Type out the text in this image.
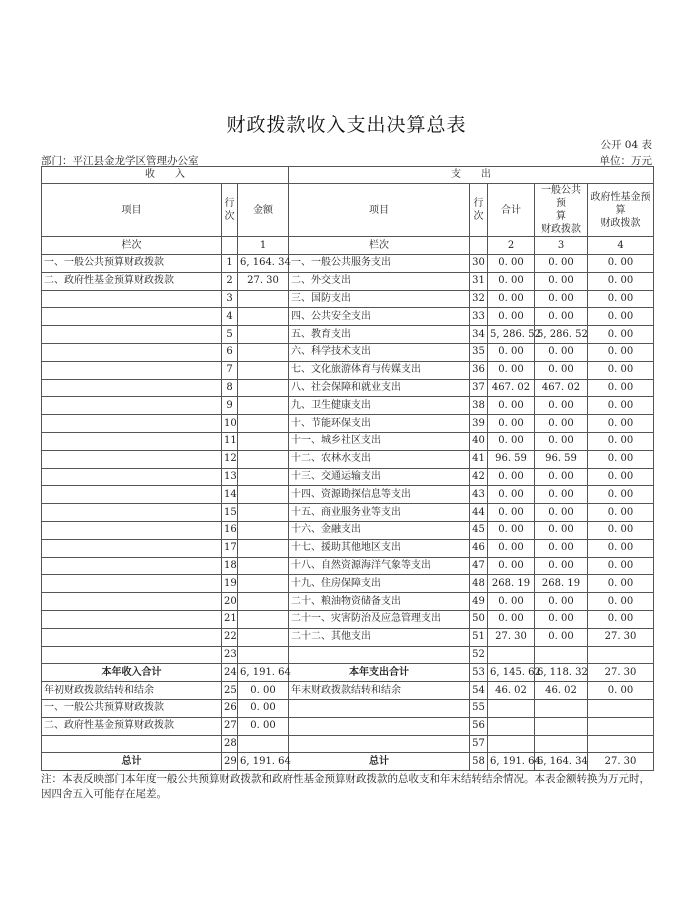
财政拨款收入支出决算总表
公开 04 表
部门：平江县金龙学区管理办公室	单位：万元
收　　入			支　　出				
项目	行
次	金额	项目	行
次	合计	一般公共预
算
财政拨款	政府性基金预
算
财政拨款
栏次		1	栏次		2	3	4
一、一般公共预算财政拨款	1	6, 164. 34	一、一般公共服务支出	30	0. 00	0. 00	0. 00
二、政府性基金预算财政拨款	2	27. 30	二、外交支出	31	0. 00	0. 00	0. 00
	3		三、国防支出	32	0. 00	0. 00	0. 00
	4		四、公共安全支出	33	0. 00	0. 00	0. 00
	5		五、教育支出	34	5, 286. 52	5, 286. 52	0. 00
	6		六、科学技术支出	35	0. 00	0. 00	0. 00
	7		七、文化旅游体育与传媒支出	36	0. 00	0. 00	0. 00
	8		八、社会保障和就业支出	37	467. 02	467. 02	0. 00
	9		九、卫生健康支出	38	0. 00	0. 00	0. 00
	10		十、节能环保支出	39	0. 00	0. 00	0. 00
	11		十一、城乡社区支出	40	0. 00	0. 00	0. 00
	12		十二、农林水支出	41	96. 59	96. 59	0. 00
	13		十三、交通运输支出	42	0. 00	0. 00	0. 00
	14		十四、资源勘探信息等支出	43	0. 00	0. 00	0. 00
	15		十五、商业服务业等支出	44	0. 00	0. 00	0. 00
	16		十六、金融支出	45	0. 00	0. 00	0. 00
	17		十七、援助其他地区支出	46	0. 00	0. 00	0. 00
	18		十八、自然资源海洋气象等支出	47	0. 00	0. 00	0. 00
	19		十九、住房保障支出	48	268. 19	268. 19	0. 00
	20		二十、粮油物资储备支出	49	0. 00	0. 00	0. 00
	21		二十一、灾害防治及应急管理支出	50	0. 00	0. 00	0. 00
	22		二十二、其他支出	51	27. 30	0. 00	27. 30
	23			52			
本年收入合计	24	6, 191. 64	本年支出合计	53	6, 145. 62	6, 118. 32	27. 30
年初财政拨款结转和结余	25	0. 00	年末财政拨款结转和结余	54	46. 02	46. 02	0. 00
一、一般公共预算财政拨款	26	0. 00		55			
二、政府性基金预算财政拨款	27	0. 00		56			
	28			57			
总计	29	6, 191. 64	总计	58	6, 191. 64	6, 164. 34	27. 30
注：本表反映部门本年度一般公共预算财政拨款和政府性基金预算财政拨款的总收支和年末结转结余情况。本表金额转换为万元时，因四舍五入可能存在尾差。
